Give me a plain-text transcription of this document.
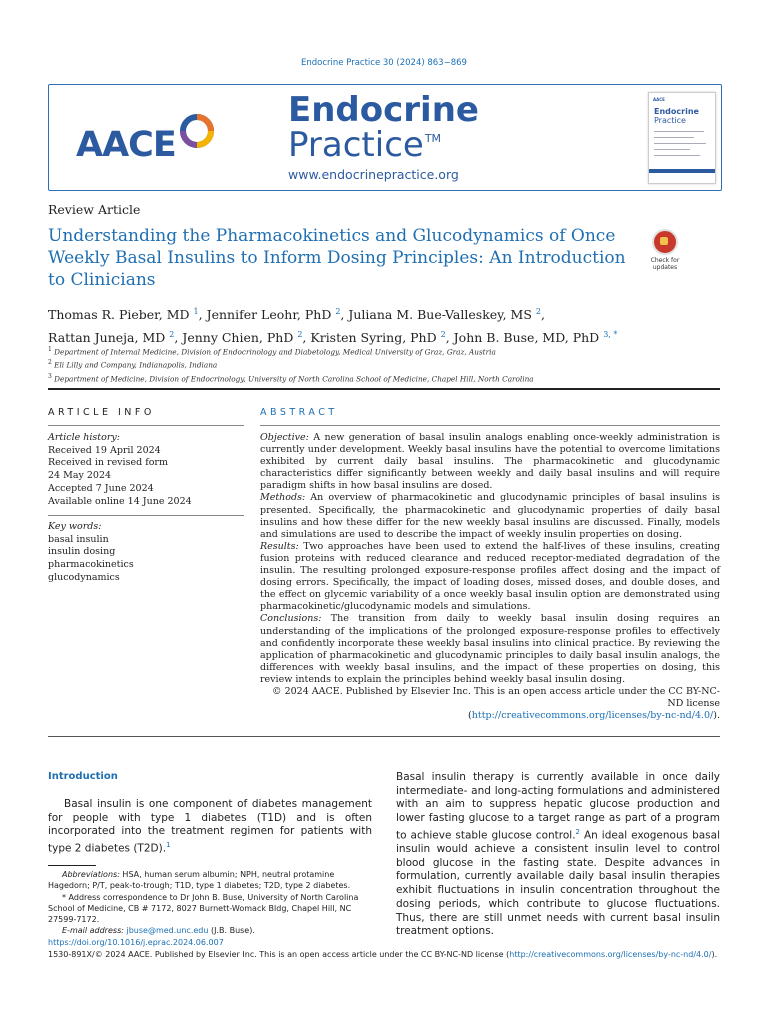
Endocrine Practice 30 (2024) 863−869
AACE
Endocrine
Practice™
www.endocrinepractice.org
AACE
Endocrine
Practice
Review Article
Understanding the Pharmacokinetics and Glucodynamics of Once Weekly Basal Insulins to Inform Dosing Principles: An Introduction to Clinicians
Check for updates
Thomas R. Pieber, MD $^1$, Jennifer Leohr, PhD $^2$, Juliana M. Bue-Valleskey, MS $^2$,
Rattan Juneja, MD $^2$, Jenny Chien, PhD $^2$, Kristen Syring, PhD $^2$, John B. Buse, MD, PhD $^{3, *}$
$^1$ Department of Internal Medicine, Division of Endocrinology and Diabetology, Medical University of Graz, Graz, Austria
$^2$ Eli Lilly and Company, Indianapolis, Indiana
$^3$ Department of Medicine, Division of Endocrinology, University of North Carolina School of Medicine, Chapel Hill, North Carolina
ARTICLE INFO	ABSTRACT
Article history:
Received 19 April 2024
Received in revised form
24 May 2024
Accepted 7 June 2024
Available online 14 June 2024
Key words:
basal insulin
insulin dosing
pharmacokinetics
glucodynamics

Objective: A new generation of basal insulin analogs enabling once-weekly administration is currently under development. Weekly basal insulins have the potential to overcome limitations exhibited by current daily basal insulins. The pharmacokinetic and glucodynamic characteristics differ significantly between weekly and daily basal insulins and will require paradigm shifts in how basal insulins are dosed.

Methods: An overview of pharmacokinetic and glucodynamic principles of basal insulins is presented. Specifically, the pharmacokinetic and glucodynamic properties of daily basal insulins and how these differ for the new weekly basal insulins are discussed. Finally, models and simulations are used to describe the impact of weekly insulin properties on dosing.

Results: Two approaches have been used to extend the half-lives of these insulins, creating fusion proteins with reduced clearance and reduced receptor-mediated degradation of the insulin. The resulting prolonged exposure-response profiles affect dosing and the impact of dosing errors. Specifically, the impact of loading doses, missed doses, and double doses, and the effect on glycemic variability of a once weekly basal insulin option are demonstrated using pharmacokinetic/glucodynamic models and simulations.

Conclusions: The transition from daily to weekly basal insulin dosing requires an understanding of the implications of the prolonged exposure-response profiles to effectively and confidently incorporate these weekly basal insulins into clinical practice. By reviewing the application of pharmacokinetic and glucodynamic principles to daily basal insulin analogs, the differences with weekly basal insulins, and the impact of these properties on dosing, this review intends to explain the principles behind weekly basal insulin dosing.

© 2024 AACE. Published by Elsevier Inc. This is an open access article under the CC BY-NC-ND license
(http://creativecommons.org/licenses/by-nc-nd/4.0/).

Introduction
Basal insulin is one component of diabetes management for people with type 1 diabetes (T1D) and is often incorporated into the treatment regimen for patients with type 2 diabetes (T2D).$^1$

Abbreviations: HSA, human serum albumin; NPH, neutral protamine Hagedorn; P/T, peak-to-trough; T1D, type 1 diabetes; T2D, type 2 diabetes.

* Address correspondence to Dr John B. Buse, University of North Carolina School of Medicine, CB # 7172, 8027 Burnett-Womack Bldg, Chapel Hill, NC 27599-7172.

E-mail address: jbuse@med.unc.edu (J.B. Buse).

Basal insulin therapy is currently available in once daily intermediate- and long-acting formulations and administered with an aim to suppress hepatic glucose production and lower fasting glucose to a target range as part of a program to achieve stable glucose control.$^2$ An ideal exogenous basal insulin would achieve a consistent insulin level to control blood glucose in the fasting state. Despite advances in formulation, currently available daily basal insulin therapies exhibit fluctuations in insulin concentration throughout the dosing periods, which contribute to glucose fluctuations. Thus, there are still unmet needs with current basal insulin treatment options.
https://doi.org/10.1016/j.eprac.2024.06.007
1530-891X/© 2024 AACE. Published by Elsevier Inc. This is an open access article under the CC BY-NC-ND license (http://creativecommons.org/licenses/by-nc-nd/4.0/).
